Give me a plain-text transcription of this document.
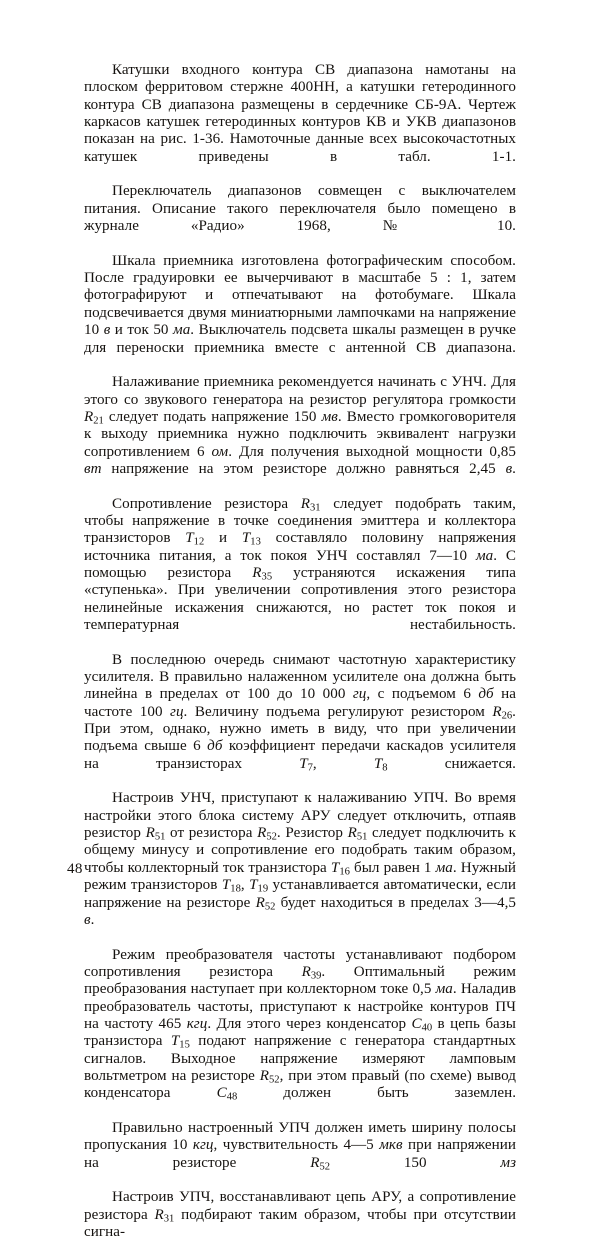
Катушки входного контура СВ диапазона намотаны на плоском ферритовом стержне 400НН, а катушки гетеродинного контура СВ диапазона размещены в сердечнике СБ-9А. Чертеж каркасов катушек гетеродинных контуров КВ и УКВ диапазонов показан на рис. 1-36. Намоточные данные всех высокочастотных катушек приведены в табл. 1-1.

Переключатель диапазонов совмещен с выключателем питания. Описание такого переключателя было помещено в журнале «Радио» 1968, № 10.

Шкала приемника изготовлена фотографическим способом. После градуировки ее вычерчивают в масштабе 5 : 1, затем фотографируют и отпечатывают на фотобумаге. Шкала подсвечивается двумя миниатюрными лампочками на напряжение 10 в и ток 50 ма. Выключатель подсвета шкалы размещен в ручке для переноски приемника вместе с антенной СВ диапазона.

Налаживание приемника рекомендуется начинать с УНЧ. Для этого со звукового генератора на резистор регулятора громкости $R_{21}$ следует подать напряжение 150 мв. Вместо громкоговорителя к выходу приемника нужно подключить эквивалент нагрузки сопротивлением 6 ом. Для получения выходной мощности 0,85 вт напряжение на этом резисторе должно равняться 2,45 в.

Сопротивление резистора $R_{31}$ следует подобрать таким, чтобы напряжение в точке соединения эмиттера и коллектора транзисторов $T_{12}$ и $T_{13}$ составляло половину напряжения источника питания, а ток покоя УНЧ составлял 7—10 ма. С помощью резистора $R_{35}$ устраняются искажения типа «ступенька». При увеличении сопротивления этого резистора нелинейные искажения снижаются, но растет ток покоя и температурная нестабильность.

В последнюю очередь снимают частотную характеристику усилителя. В правильно налаженном усилителе она должна быть линейна в пределах от 100 до 10 000 гц, с подъемом 6 дб на частоте 100 гц. Величину подъема регулируют резистором $R_{26}$. При этом, однако, нужно иметь в виду, что при увеличении подъема свыше 6 дб коэффициент передачи каскадов усилителя на транзисторах $T_7$, $T_8$ снижается.

Настроив УНЧ, приступают к налаживанию УПЧ. Во время настройки этого блока систему АРУ следует отключить, отпаяв резистор $R_{51}$ от резистора $R_{52}$. Резистор $R_{51}$ следует подключить к общему минусу и сопротивление его подобрать таким образом, чтобы коллекторный ток транзистора $T_{16}$ был равен 1 ма. Нужный режим транзисторов $T_{18}$, $T_{19}$ устанавливается автоматически, если напряжение на резисторе $R_{52}$ будет находиться в пределах 3—4,5 в.

Режим преобразователя частоты устанавливают подбором сопротивления резистора $R_{39}$. Оптимальный режим преобразования наступает при коллекторном токе 0,5 ма. Наладив преобразователь частоты, приступают к настройке контуров ПЧ на частоту 465 кгц. Для этого через конденсатор $C_{40}$ в цепь базы транзистора $T_{15}$ подают напряжение с генератора стандартных сигналов. Выходное напряжение измеряют ламповым вольтметром на резисторе $R_{52}$, при этом правый (по схеме) вывод конденсатора $C_{48}$ должен быть заземлен.

Правильно настроенный УПЧ должен иметь ширину полосы пропускания 10 кгц, чувствительность 4—5 мкв при напряжении на резисторе $R_{52}$ 150 мз

Настроив УПЧ, восстанавливают цепь АРУ, а сопротивление резистора $R_{31}$ подбирают таким образом, чтобы при отсутствии сигна-

48
